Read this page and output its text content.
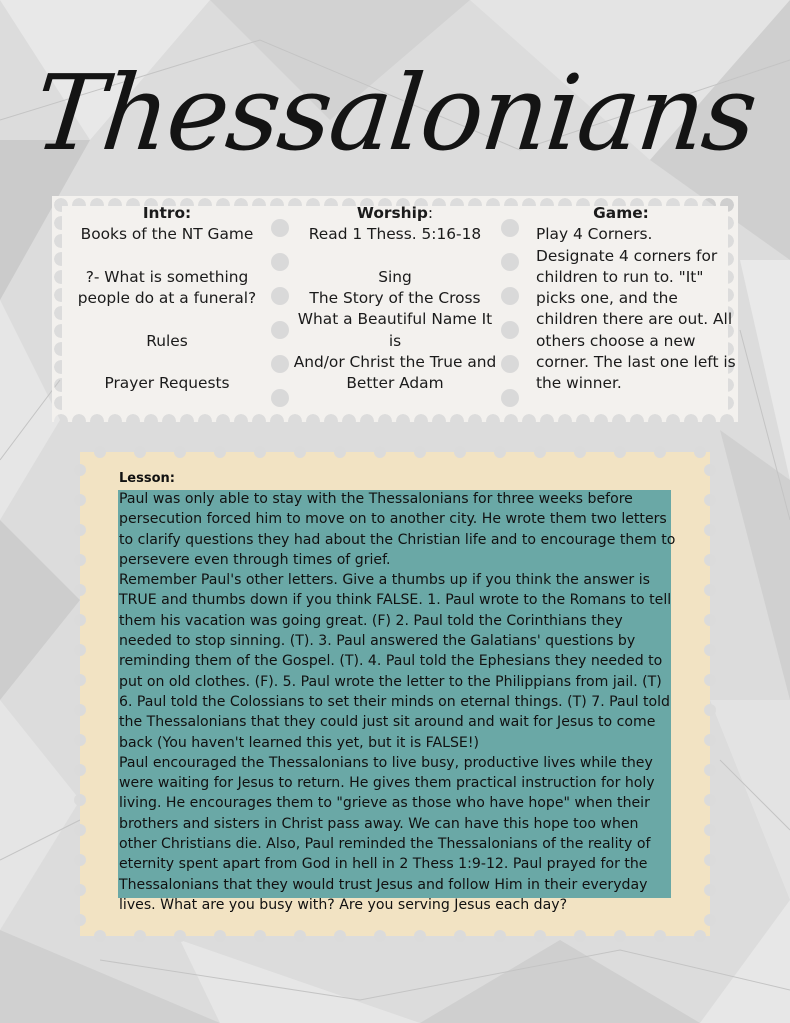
Thessalonians
Intro:
Books of the NT Game

?- What is something people do at a funeral?

Rules

Prayer Requests
Worship:
Read 1 Thess. 5:16-18

Sing
The Story of the Cross
What a Beautiful Name It is
And/or Christ the True and Better Adam
Game:

Play 4 Corners.
Designate 4 corners for children to run to. "It" picks one, and the children there are out. All others choose a new corner. The last one left is the winner.
Lesson:
Paul was only able to stay with the Thessalonians for three weeks before persecution forced him to move on to another city. He wrote them two letters to clarify questions they had about the Christian life and to encourage them to persevere even through times of grief.
Remember Paul's other letters. Give a thumbs up if you think the answer is TRUE and thumbs down if you think FALSE. 1. Paul wrote to the Romans to tell them his vacation was going great. (F) 2. Paul told the Corinthians they needed to stop sinning. (T). 3. Paul answered the Galatians' questions by reminding them of the Gospel. (T). 4. Paul told the Ephesians they needed to put on old clothes. (F). 5. Paul wrote the letter to the Philippians from jail. (T) 6. Paul told the Colossians to set their minds on eternal things. (T) 7. Paul told the Thessalonians that they could just sit around and wait for Jesus to come back (You haven't learned this yet, but it is FALSE!)
Paul encouraged the Thessalonians to live busy, productive lives while they were waiting for Jesus to return. He gives them practical instruction for holy living. He encourages them to "grieve as those who have hope" when their brothers and sisters in Christ pass away. We can have this hope too when other Christians die. Also, Paul reminded the Thessalonians of the reality of eternity spent apart from God in hell in 2 Thess 1:9-12. Paul prayed for the Thessalonians that they would trust Jesus and follow Him in their everyday lives. What are you busy with? Are you serving Jesus each day?
